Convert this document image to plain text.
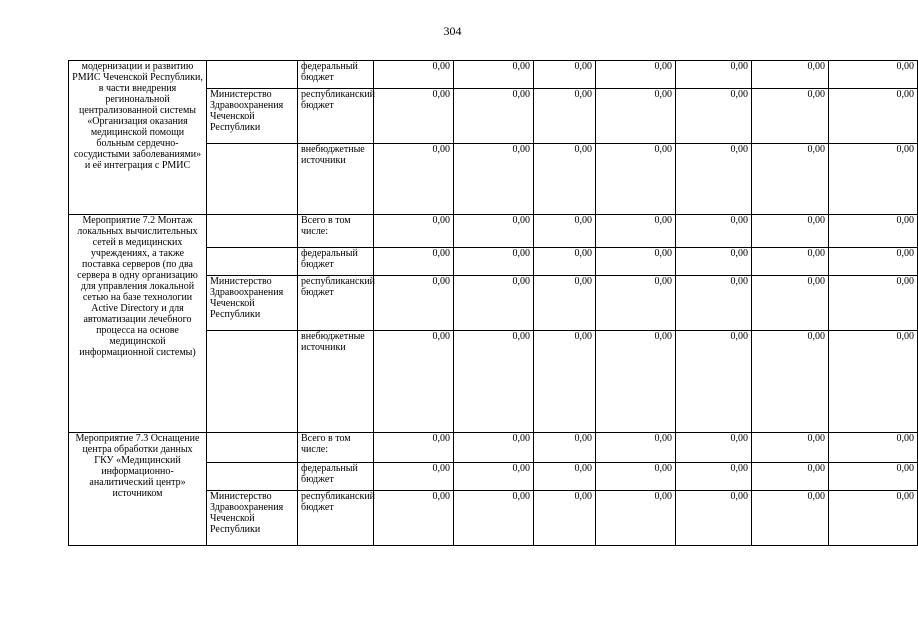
304
модернизации и развитию РМИС Чеченской Республики, в части внедрения регинональной централизованной системы «Организация оказания медицинской помощи больным сердечно-сосудистыми заболеваниями» и её интеграция с РМИС		федеральный бюджет	0,00	0,00	0,00	0,00	0,00	0,00	0,00
	Министерство Здравоохранения Чеченской Республики	республиканский бюджет	0,00	0,00	0,00	0,00	0,00	0,00	0,00
		внебюджетные источники	0,00	0,00	0,00	0,00	0,00	0,00	0,00
Мероприятие 7.2 Монтаж локальных вычислительных сетей в медицинских учреждениях, а также поставка серверов (по два сервера в одну организацию для управления локальной сетью на базе технологии Active Directory и для автоматизации лечебного процесса на основе медицинской информационной системы)		Всего в том числе:	0,00	0,00	0,00	0,00	0,00	0,00	0,00
		федеральный бюджет	0,00	0,00	0,00	0,00	0,00	0,00	0,00
	Министерство Здравоохранения Чеченской Республики	республиканский бюджет	0,00	0,00	0,00	0,00	0,00	0,00	0,00
		внебюджетные источники	0,00	0,00	0,00	0,00	0,00	0,00	0,00
Мероприятие 7.3 Оснащение центра обработки данных ГКУ «Медицинский информационно-аналитический центр» источником		Всего в том числе:	0,00	0,00	0,00	0,00	0,00	0,00	0,00
		федеральный бюджет	0,00	0,00	0,00	0,00	0,00	0,00	0,00
	Министерство Здравоохранения Чеченской Республики	республиканский бюджет	0,00	0,00	0,00	0,00	0,00	0,00	0,00
